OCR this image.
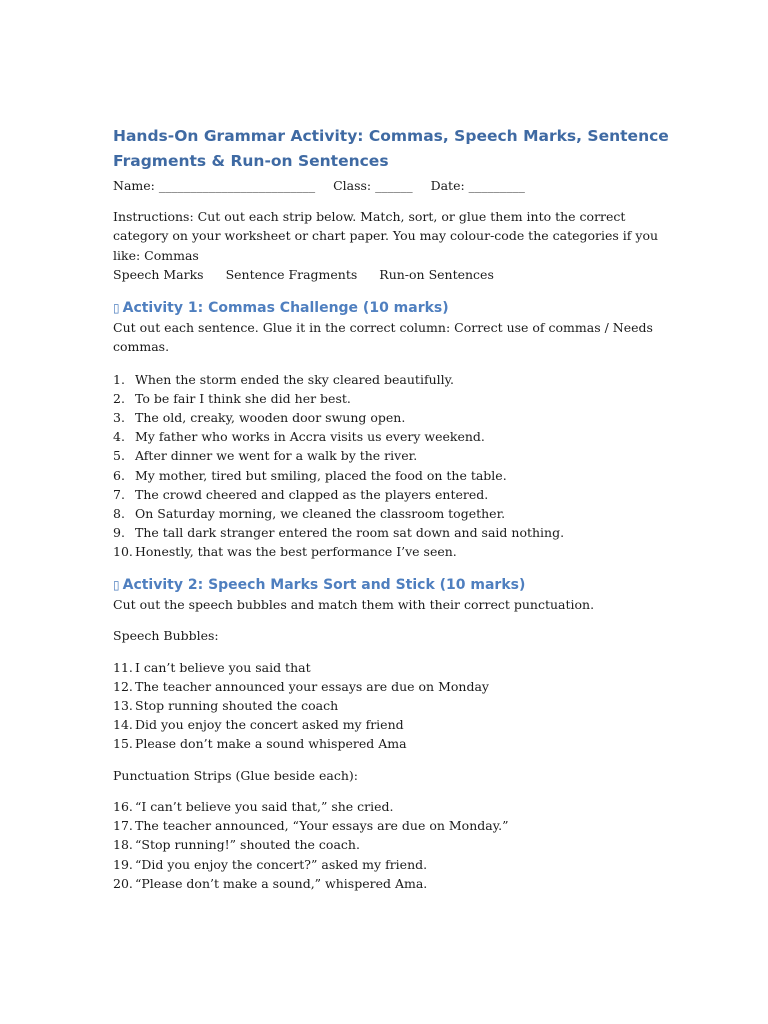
Hands-On Grammar Activity: Commas, Speech Marks, Sentence Fragments & Run-on Sentences

Name: _________________________ Class: ______ Date: _________

Instructions: Cut out each strip below. Match, sort, or glue them into the correct category on your worksheet or chart paper. You may colour-code the categories if you like: Commas

Speech Marks Sentence Fragments Run-on Sentences

▯ Activity 1: Commas Challenge (10 marks)

Cut out each sentence. Glue it in the correct column: Correct use of commas / Needs commas.

1. When the storm ended the sky cleared beautifully.
2. To be fair I think she did her best.
3. The old, creaky, wooden door swung open.
4. My father who works in Accra visits us every weekend.
5. After dinner we went for a walk by the river.
6. My mother, tired but smiling, placed the food on the table.
7. The crowd cheered and clapped as the players entered.
8. On Saturday morning, we cleaned the classroom together.
9. The tall dark stranger entered the room sat down and said nothing.
10. Honestly, that was the best performance I’ve seen.
▯ Activity 2: Speech Marks Sort and Stick (10 marks)

Cut out the speech bubbles and match them with their correct punctuation.

Speech Bubbles:

11. I can’t believe you said that
12. The teacher announced your essays are due on Monday
13. Stop running shouted the coach
14. Did you enjoy the concert asked my friend
15. Please don’t make a sound whispered Ama

Punctuation Strips (Glue beside each):

16. “I can’t believe you said that,” she cried.
17. The teacher announced, “Your essays are due on Monday.”
18. “Stop running!” shouted the coach.
19. “Did you enjoy the concert?” asked my friend.
20. “Please don’t make a sound,” whispered Ama.
